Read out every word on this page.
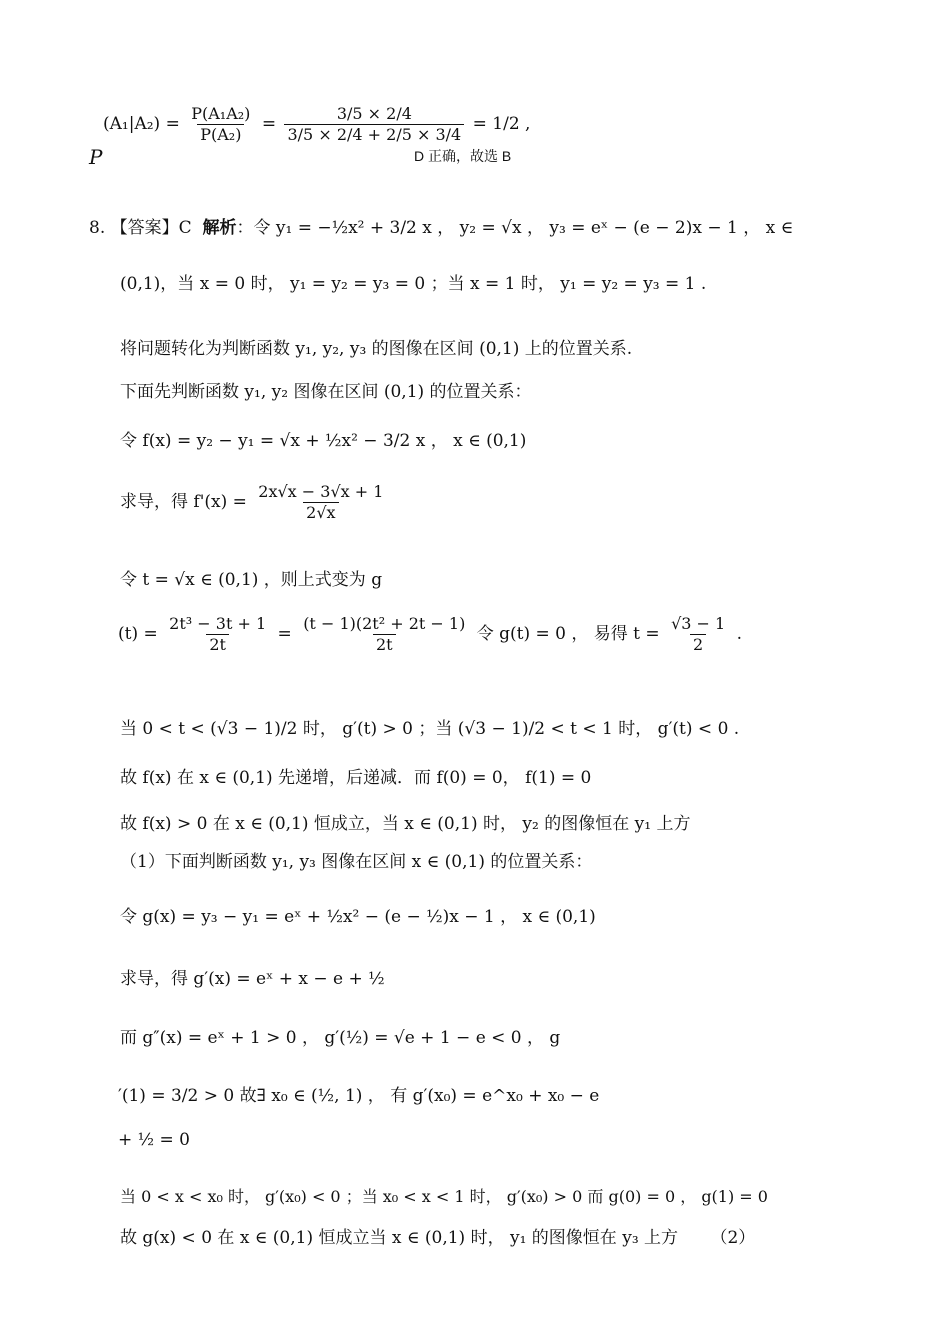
$(A_1|A_2) = \frac{\text{P(A₁A₂)}}{\text{P(A₂)}} = \frac{3/5 \times 2/4}{3/5 \times 2/4 + 2/5 \times 3/4} = 1/2$ ,
P	D 正确，故选 B
8. 【答案】C 解析：令 y₁ = −½x² + 3/2 x ， y₂ = √x ， y₃ = eˣ − (e − 2)x − 1 ， x ∈
(0,1)，当 x = 0 时， y₁ = y₂ = y₃ = 0 ；当 x = 1 时， y₁ = y₂ = y₃ = 1 .
将问题转化为判断函数 y₁, y₂, y₃ 的图像在区间 (0,1) 上的位置关系.
下面先判断函数 y₁, y₂ 图像在区间 (0,1) 的位置关系：
令 f(x) = y₂ − y₁ = √x + ½x² − 3/2 x ， x ∈ (0,1)
求导，得 $f'(x) = \frac{2x√x - 3√x + 1}{2√x}$
令 t = √x ∈ (0,1) ，则上式变为 g
$(t) = \frac{\text{2t³ − 3t + 1}}{2t} = \frac{\text{(t − 1)(2t² + 2t − 1)}}{2t}$ 令 g(t) = 0 ， 易得 $t = \frac{√3 - 1}{2}$ .
当 0 < t < (√3 − 1)/2 时， g′(t) > 0 ；当 (√3 − 1)/2 < t < 1 时， g′(t) < 0 .
故 f(x) 在 x ∈ (0,1) 先递增，后递减．而 f(0) = 0， f(1) = 0
故 f(x) > 0 在 x ∈ (0,1) 恒成立，当 x ∈ (0,1) 时， y₂ 的图像恒在 y₁ 上方
（1）下面判断函数 y₁, y₃ 图像在区间 x ∈ (0,1) 的位置关系：
令 g(x) = y₃ − y₁ = eˣ + ½x² − (e − ½)x − 1 ， x ∈ (0,1)
求导，得 g′(x) = eˣ + x − e + ½
而 g″(x) = eˣ + 1 > 0 ， g′(½) = √e + 1 − e < 0 ， g
′(1) = 3/2 > 0 故∃ x₀ ∈ (½, 1) ， 有 g′(x₀) = e^x₀ + x₀ − e
+ ½ = 0
当 0 < x < x₀ 时， g′(x₀) < 0 ；当 x₀ < x < 1 时， g′(x₀) > 0 而 g(0) = 0 ， g(1) = 0
故 g(x) < 0 在 x ∈ (0,1) 恒成立当 x ∈ (0,1) 时， y₁ 的图像恒在 y₃ 上方 （2）
